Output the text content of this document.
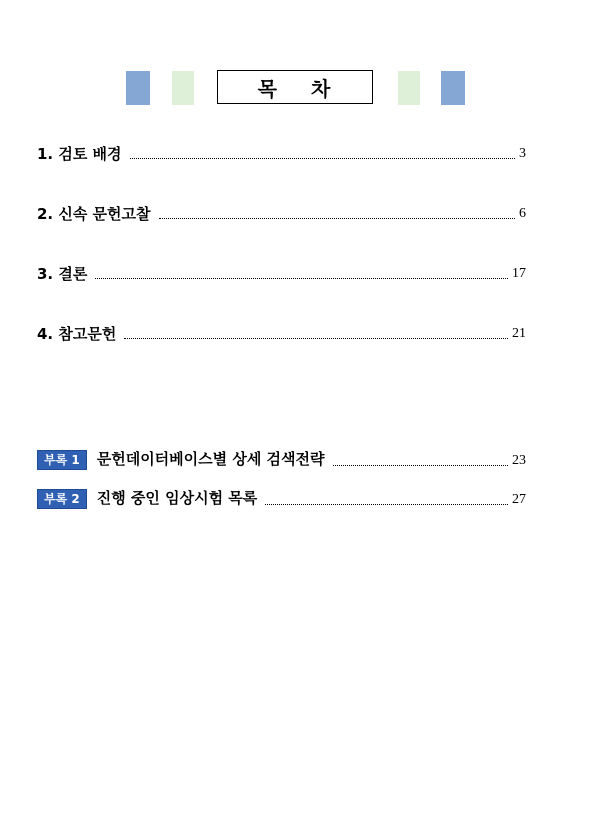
목 차
1. 검토 배경	3
2. 신속 문헌고찰	6
3. 결론	17
4. 참고문헌	21
부록 1 문헌데이터베이스별 상세 검색전략	23
부록 2 진행 중인 임상시험 목록	27
